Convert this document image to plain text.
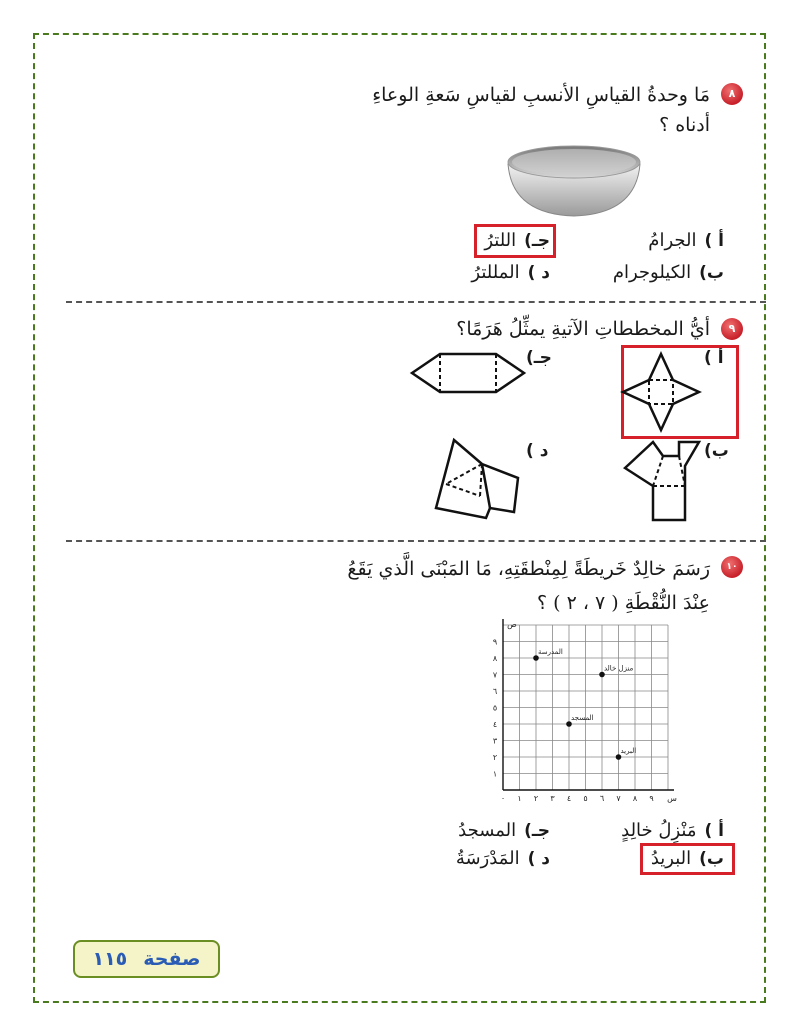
٨
مَا وحدةُ القياسِ الأنسبِ لقياسِ سَعةِ الوعاءِ
أدناه ؟
أ )الجرامُ
جـ)اللترُ
ب)الكيلوجرام
د )المللترُ
٩
أيُّ المخططاتِ الآتيةِ يمثِّلُ هَرَمًا؟
أ )
جـ)
د )	ب)
١٠
رَسَمَ خالِدٌ خَريطَةً لِمِنْطقَتِهِ، مَا المَبْنَى الَّذي يَقَعُ
عِنْدَ النُّقْطَةِ ( ٧ ، ٢ ) ؟
٠ ١ ٢ ٣ ٤ ٥ ٦ ٧ ٨ ٩
١
٢
٣
٤
٥
٦
٧
٨
٩
س
ص
المدرسة
منزل خالد
المسجد
البريد
أ )مَنْزِلُ خالِدٍ
جـ)المسجدُ
ب)البريدُ
د )المَدْرَسَةُ
صفحة١١٥
